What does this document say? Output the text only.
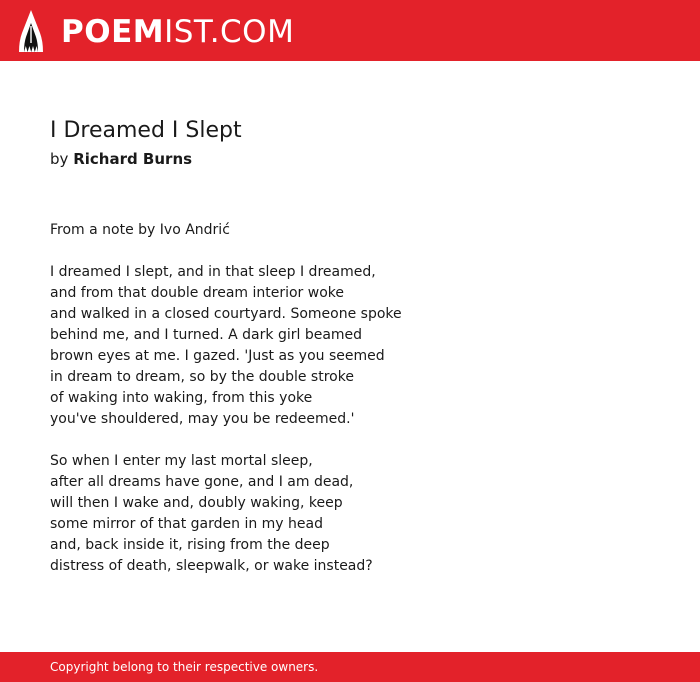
POEMIST.COM
I Dreamed I Slept
by Richard Burns
From a note by Ivo Andrić
I dreamed I slept, and in that sleep I dreamed,
and from that double dream interior woke
and walked in a closed courtyard. Someone spoke
behind me, and I turned. A dark girl beamed
brown eyes at me. I gazed. 'Just as you seemed
in dream to dream, so by the double stroke
of waking into waking, from this yoke
you've shouldered, may you be redeemed.'
So when I enter my last mortal sleep,
after all dreams have gone, and I am dead,
will then I wake and, doubly waking, keep
some mirror of that garden in my head
and, back inside it, rising from the deep
distress of death, sleepwalk, or wake instead?
Copyright belong to their respective owners.
